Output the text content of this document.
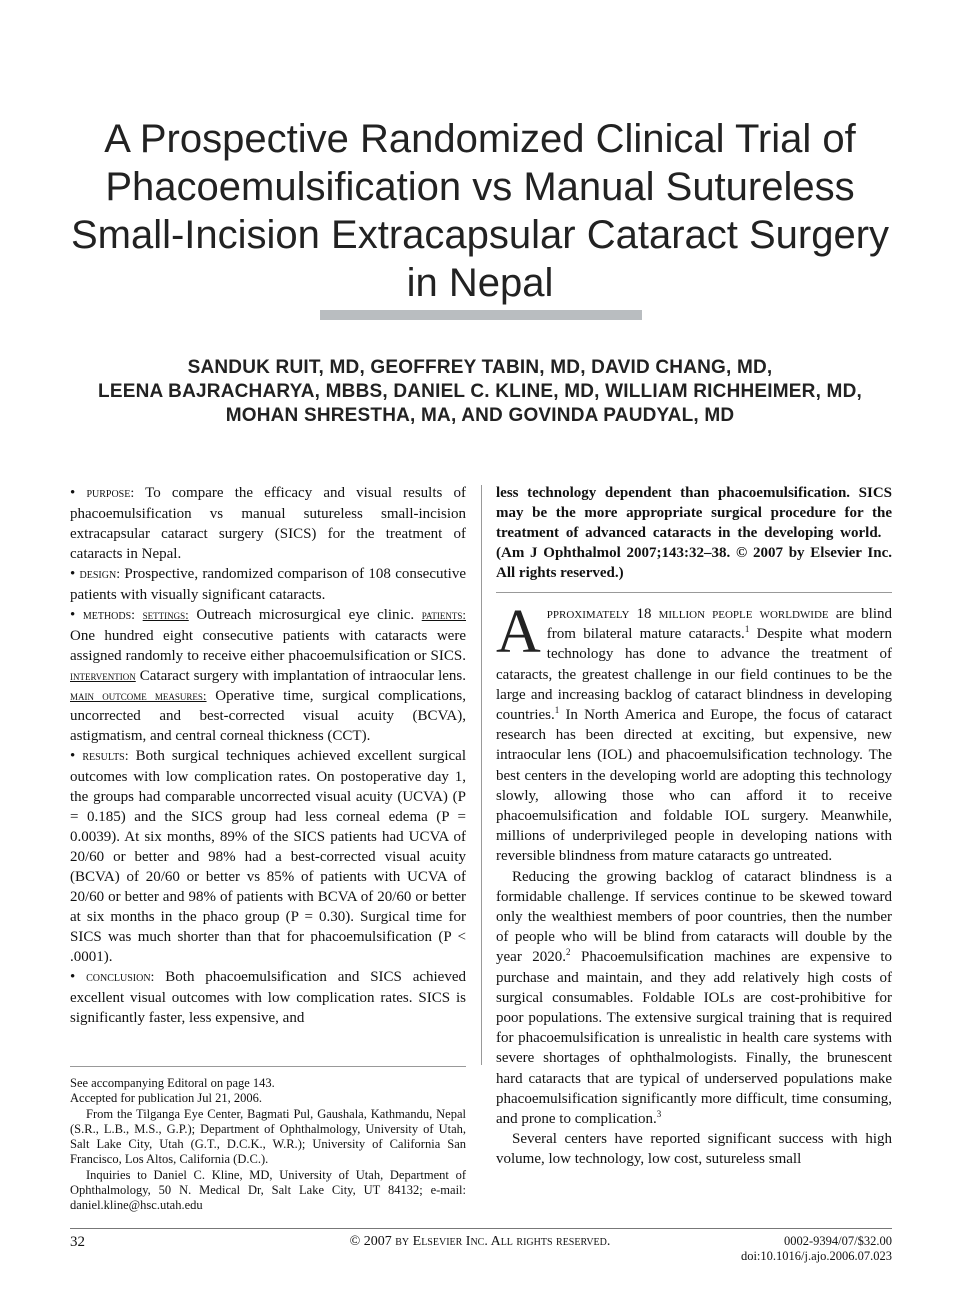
A Prospective Randomized Clinical Trial of Phacoemulsification vs Manual Sutureless Small-Incision Extracapsular Cataract Surgery in Nepal
SANDUK RUIT, MD, GEOFFREY TABIN, MD, DAVID CHANG, MD,
LEENA BAJRACHARYA, MBBS, DANIEL C. KLINE, MD, WILLIAM RICHHEIMER, MD,
MOHAN SHRESTHA, MA, AND GOVINDA PAUDYAL, MD

• purpose: To compare the efficacy and visual results of phacoemulsification vs manual sutureless small-incision extracapsular cataract surgery (SICS) for the treatment of cataracts in Nepal.

• design: Prospective, randomized comparison of 108 consecutive patients with visually significant cataracts.

• methods: settings: Outreach microsurgical eye clinic. patients: One hundred eight consecutive patients with cataracts were assigned randomly to receive either phacoemulsification or SICS. intervention Cataract surgery with implantation of intraocular lens. main outcome measures: Operative time, surgical complications, uncorrected and best-corrected visual acuity (BCVA), astigmatism, and central corneal thickness (CCT).

• results: Both surgical techniques achieved excellent surgical outcomes with low complication rates. On postoperative day 1, the groups had comparable uncorrected visual acuity (UCVA) (P = 0.185) and the SICS group had less corneal edema (P = 0.0039). At six months, 89% of the SICS patients had UCVA of 20/60 or better and 98% had a best-corrected visual acuity (BCVA) of 20/60 or better vs 85% of patients with UCVA of 20/60 or better and 98% of patients with BCVA of 20/60 or better at six months in the phaco group (P = 0.30). Surgical time for SICS was much shorter than that for phacoemulsification (P < .0001).

• conclusion: Both phacoemulsification and SICS achieved excellent visual outcomes with low complication rates. SICS is significantly faster, less expensive, and

less technology dependent than phacoemulsification. SICS may be the more appropriate surgical procedure for the treatment of advanced cataracts in the developing world.   (Am J Ophthalmol 2007;143:32–38. © 2007 by Elsevier Inc. All rights reserved.)

Approximately 18 million people worldwide are blind from bilateral mature cataracts.$^1$ Despite what modern technology has done to advance the treatment of cataracts, the greatest challenge in our field continues to be the large and increasing backlog of cataract blindness in developing countries.$^1$ In North America and Europe, the focus of cataract research has been directed at exciting, but expensive, new intraocular lens (IOL) and phacoemulsification technology. The best centers in the developing world are adopting this technology slowly, allowing those who can afford it to receive phacoemulsification and foldable IOL surgery. Meanwhile, millions of underprivileged people in developing nations with reversible blindness from mature cataracts go untreated.

Reducing the growing backlog of cataract blindness is a formidable challenge. If services continue to be skewed toward only the wealthiest members of poor countries, then the number of people who will be blind from cataracts will double by the year 2020.$^2$ Phacoemulsification machines are expensive to purchase and maintain, and they add relatively high costs of surgical consumables. Foldable IOLs are cost-prohibitive for poor populations. The extensive surgical training that is required for phacoemulsification is unrealistic in health care systems with severe shortages of ophthalmologists. Finally, the brunescent hard cataracts that are typical of underserved populations make phacoemulsification significantly more difficult, time consuming, and prone to complication.$^3$

Several centers have reported significant success with high volume, low technology, low cost, sutureless small

See accompanying Editoral on page 143.

Accepted for publication Jul 21, 2006.

From the Tilganga Eye Center, Bagmati Pul, Gaushala, Kathmandu, Nepal (S.R., L.B., M.S., G.P.); Department of Ophthalmology, University of Utah, Salt Lake City, Utah (G.T., D.C.K., W.R.); University of California San Francisco, Los Altos, California (D.C.).

Inquiries to Daniel C. Kline, MD, University of Utah, Department of Ophthalmology, 50 N. Medical Dr, Salt Lake City, UT 84132; e-mail: daniel.kline@hsc.utah.edu

32	© 2007 by Elsevier Inc. All rights reserved.	0002-9394/07/$32.00
doi:10.1016/j.ajo.2006.07.023
